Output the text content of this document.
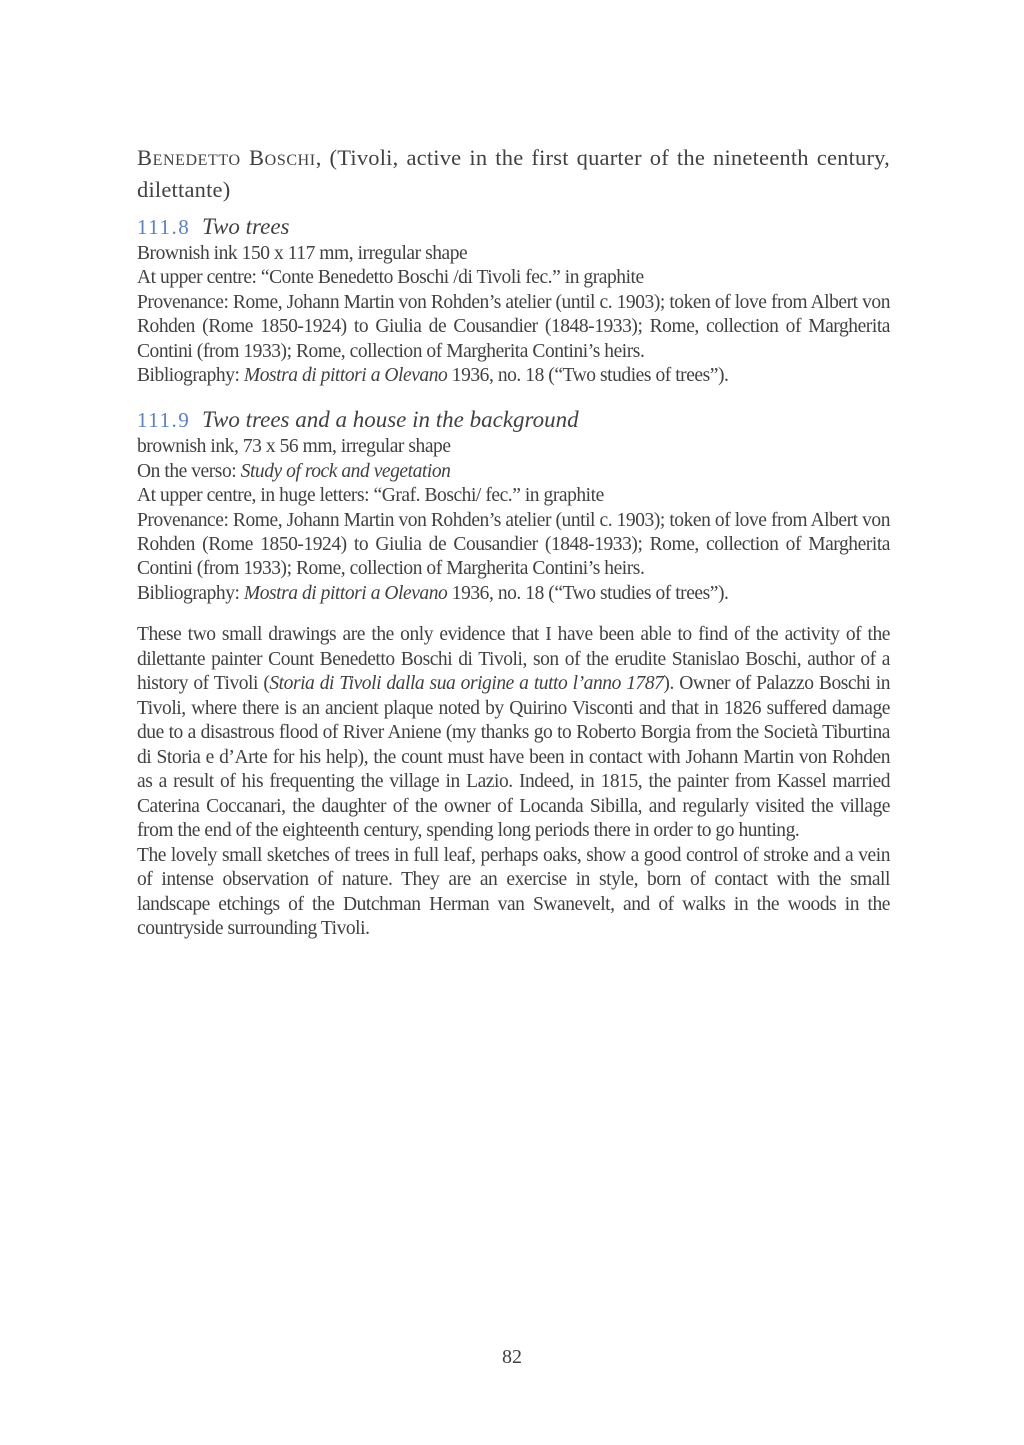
Benedetto Boschi, (Tivoli, active in the first quarter of the nineteenth century, dilettante)
111.8 Two trees
Brownish ink 150 x 117 mm, irregular shape
At upper centre: “Conte Benedetto Boschi /di Tivoli fec.” in graphite
Provenance: Rome, Johann Martin von Rohden’s atelier (until c. 1903); token of love from Albert von Rohden (Rome 1850-1924) to Giulia de Cousandier (1848-1933); Rome, collection of Margherita Contini (from 1933); Rome, collection of Margherita Contini’s heirs.
Bibliography: Mostra di pittori a Olevano 1936, no. 18 (“Two studies of trees”).
111.9 Two trees and a house in the background
brownish ink, 73 x 56 mm, irregular shape
On the verso: Study of rock and vegetation
At upper centre, in huge letters: “Graf. Boschi/ fec.” in graphite
Provenance: Rome, Johann Martin von Rohden’s atelier (until c. 1903); token of love from Albert von Rohden (Rome 1850-1924) to Giulia de Cousandier (1848-1933); Rome, collection of Margherita Contini (from 1933); Rome, collection of Margherita Contini’s heirs.
Bibliography: Mostra di pittori a Olevano 1936, no. 18 (“Two studies of trees”).

These two small drawings are the only evidence that I have been able to find of the activity of the dilettante painter Count Benedetto Boschi di Tivoli, son of the erudite Stanislao Boschi, author of a history of Tivoli (Storia di Tivoli dalla sua origine a tutto l’anno 1787). Owner of Palazzo Boschi in Tivoli, where there is an ancient plaque noted by Quirino Visconti and that in 1826 suffered damage due to a disastrous flood of River Aniene (my thanks go to Roberto Borgia from the Società Tiburtina di Storia e d’Arte for his help), the count must have been in contact with Johann Martin von Rohden as a result of his frequenting the village in Lazio. Indeed, in 1815, the painter from Kassel married Caterina Coccanari, the daughter of the owner of Locanda Sibilla, and regularly visited the village from the end of the eighteenth century, spending long periods there in order to go hunting.

The lovely small sketches of trees in full leaf, perhaps oaks, show a good control of stroke and a vein of intense observation of nature. They are an exercise in style, born of contact with the small landscape etchings of the Dutchman Herman van Swanevelt, and of walks in the woods in the countryside surrounding Tivoli.

82
